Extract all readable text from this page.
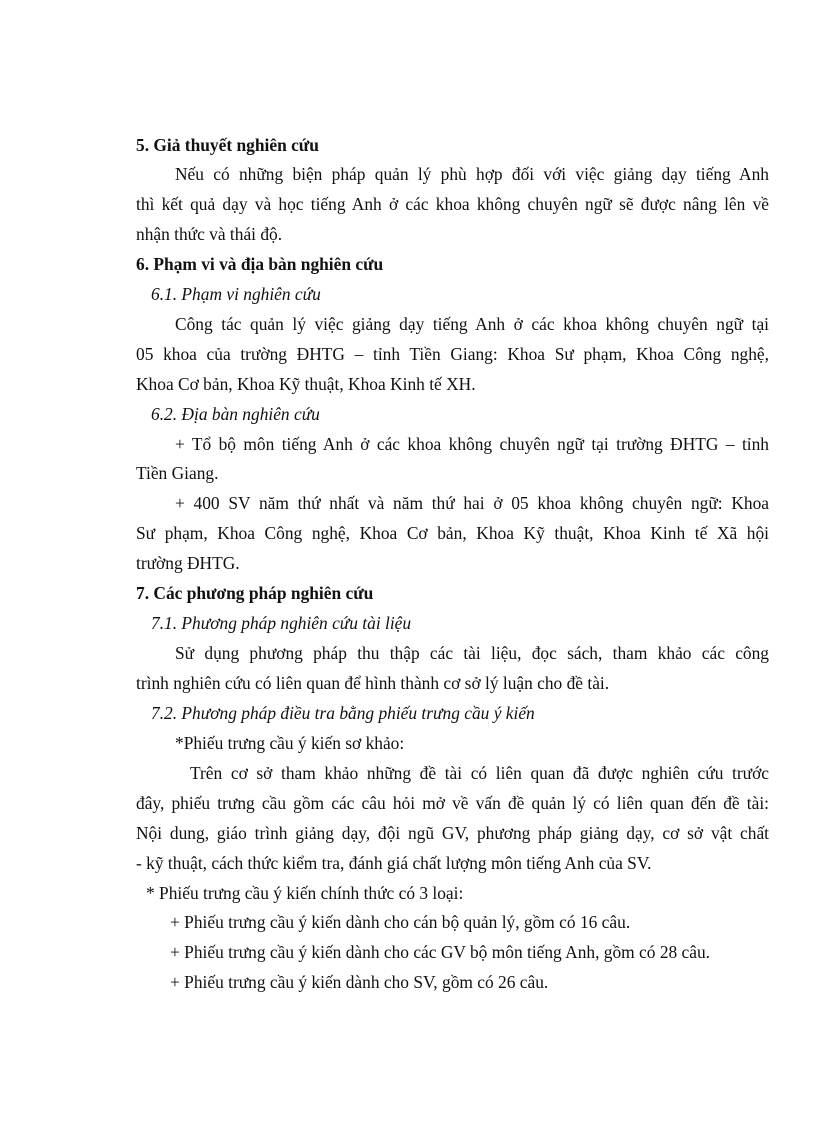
5. Giả thuyết nghiên cứu
Nếu có những biện pháp quản lý phù hợp đối với việc giảng dạy tiếng Anh
thì kết quả dạy và học tiếng Anh ở các khoa không chuyên ngữ sẽ được nâng lên về
nhận thức và thái độ.
6. Phạm vi và địa bàn nghiên cứu
6.1. Phạm vi nghiên cứu
Công tác quản lý việc giảng dạy tiếng Anh ở các khoa không chuyên ngữ tại
05 khoa của trường ĐHTG – tỉnh Tiền Giang: Khoa Sư phạm, Khoa Công nghệ,
Khoa Cơ bản, Khoa Kỹ thuật, Khoa Kinh tế XH.
6.2. Địa bàn nghiên cứu
+ Tổ bộ môn tiếng Anh ở các khoa không chuyên ngữ tại trường ĐHTG – tỉnh
Tiền Giang.
+ 400 SV năm thứ nhất và năm thứ hai ở 05 khoa không chuyên ngữ: Khoa
Sư phạm, Khoa Công nghệ, Khoa Cơ bản, Khoa Kỹ thuật, Khoa Kinh tế Xã hội
trường ĐHTG.
7. Các phương pháp nghiên cứu
7.1. Phương pháp nghiên cứu tài liệu
Sử dụng phương pháp thu thập các tài liệu, đọc sách, tham khảo các công
trình nghiên cứu có liên quan để hình thành cơ sở lý luận cho đề tài.
7.2. Phương pháp điều tra bằng phiếu trưng cầu ý kiến
*Phiếu trưng cầu ý kiến sơ khảo:
Trên cơ sở tham khảo những đề tài có liên quan đã được nghiên cứu trước
đây, phiếu trưng cầu gồm các câu hỏi mở về vấn đề quản lý có liên quan đến đề tài:
Nội dung, giáo trình giảng dạy, đội ngũ GV, phương pháp giảng dạy, cơ sở vật chất
- kỹ thuật, cách thức kiểm tra, đánh giá chất lượng môn tiếng Anh của SV.
* Phiếu trưng cầu ý kiến chính thức có 3 loại:
+ Phiếu trưng cầu ý kiến dành cho cán bộ quản lý, gồm có 16 câu.
+ Phiếu trưng cầu ý kiến dành cho các GV bộ môn tiếng Anh, gồm có 28 câu.
+ Phiếu trưng cầu ý kiến dành cho SV, gồm có 26 câu.
